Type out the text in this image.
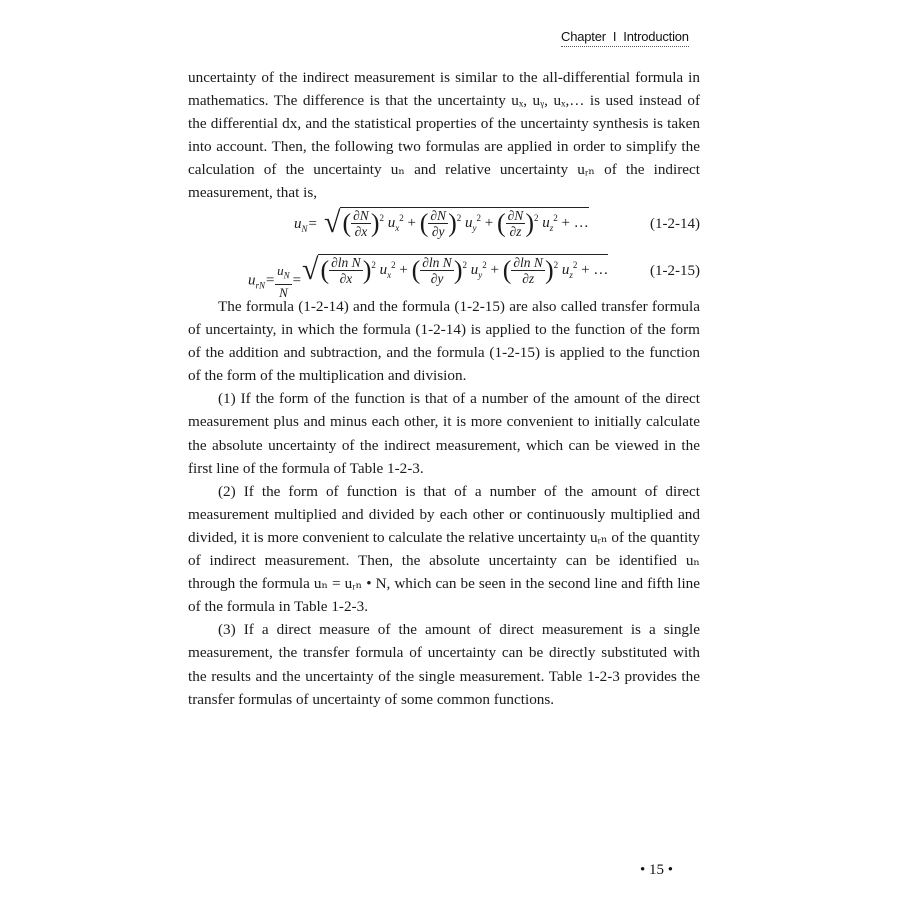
Chapter I Introduction

uncertainty of the indirect measurement is similar to the all-differential formula in mathematics. The difference is that the uncertainty uₓ, uᵧ, uₓ,… is used instead of the differential dx, and the statistical properties of the uncertainty synthesis is taken into account. Then, the following two formulas are applied in order to simplify the calculation of the uncertainty uₙ and relative uncertainty uᵣₙ of the indirect measurement, that is,

$u_N=$ √( $\frac{\partial N}{\partial x} )^2$ $u_x^2$ + ( $\frac{\partial N}{\partial y} )^2$ $u_y^2$ + ( $\frac{\partial N}{\partial z} )^2$ $u_z^2$ + …	(1-2-14)
$u_{rN}= \frac{u_N}{N}$ = √( $\frac{\text{∂ln N}}{\partial x} )^2$ $u_x^2$ + ( $\frac{\text{∂ln N}}{\partial y} )^2$ $u_y^2$ + ( $\frac{\text{∂ln N}}{\partial z} )^2$ $u_z^2$ + …	(1-2-15)

The formula (1-2-14) and the formula (1-2-15) are also called transfer formula of uncertainty, in which the formula (1-2-14) is applied to the function of the form of the addition and subtraction, and the formula (1-2-15) is applied to the function of the form of the multiplication and division.

(1) If the form of the function is that of a number of the amount of the direct measurement plus and minus each other, it is more convenient to initially calculate the absolute uncertainty of the indirect measurement, which can be viewed in the first line of the formula of Table 1-2-3.

(2) If the form of function is that of a number of the amount of direct measurement multiplied and divided by each other or continuously multiplied and divided, it is more convenient to calculate the relative uncertainty uᵣₙ of the quantity of indirect measurement. Then, the absolute uncertainty can be identified uₙ through the formula uₙ = uᵣₙ • N, which can be seen in the second line and fifth line of the formula in Table 1-2-3.

(3) If a direct measure of the amount of direct measurement is a single measurement, the transfer formula of uncertainty can be directly substituted with the results and the uncertainty of the single measurement. Table 1-2-3 provides the transfer formulas of uncertainty of some common functions.

• 15 •
